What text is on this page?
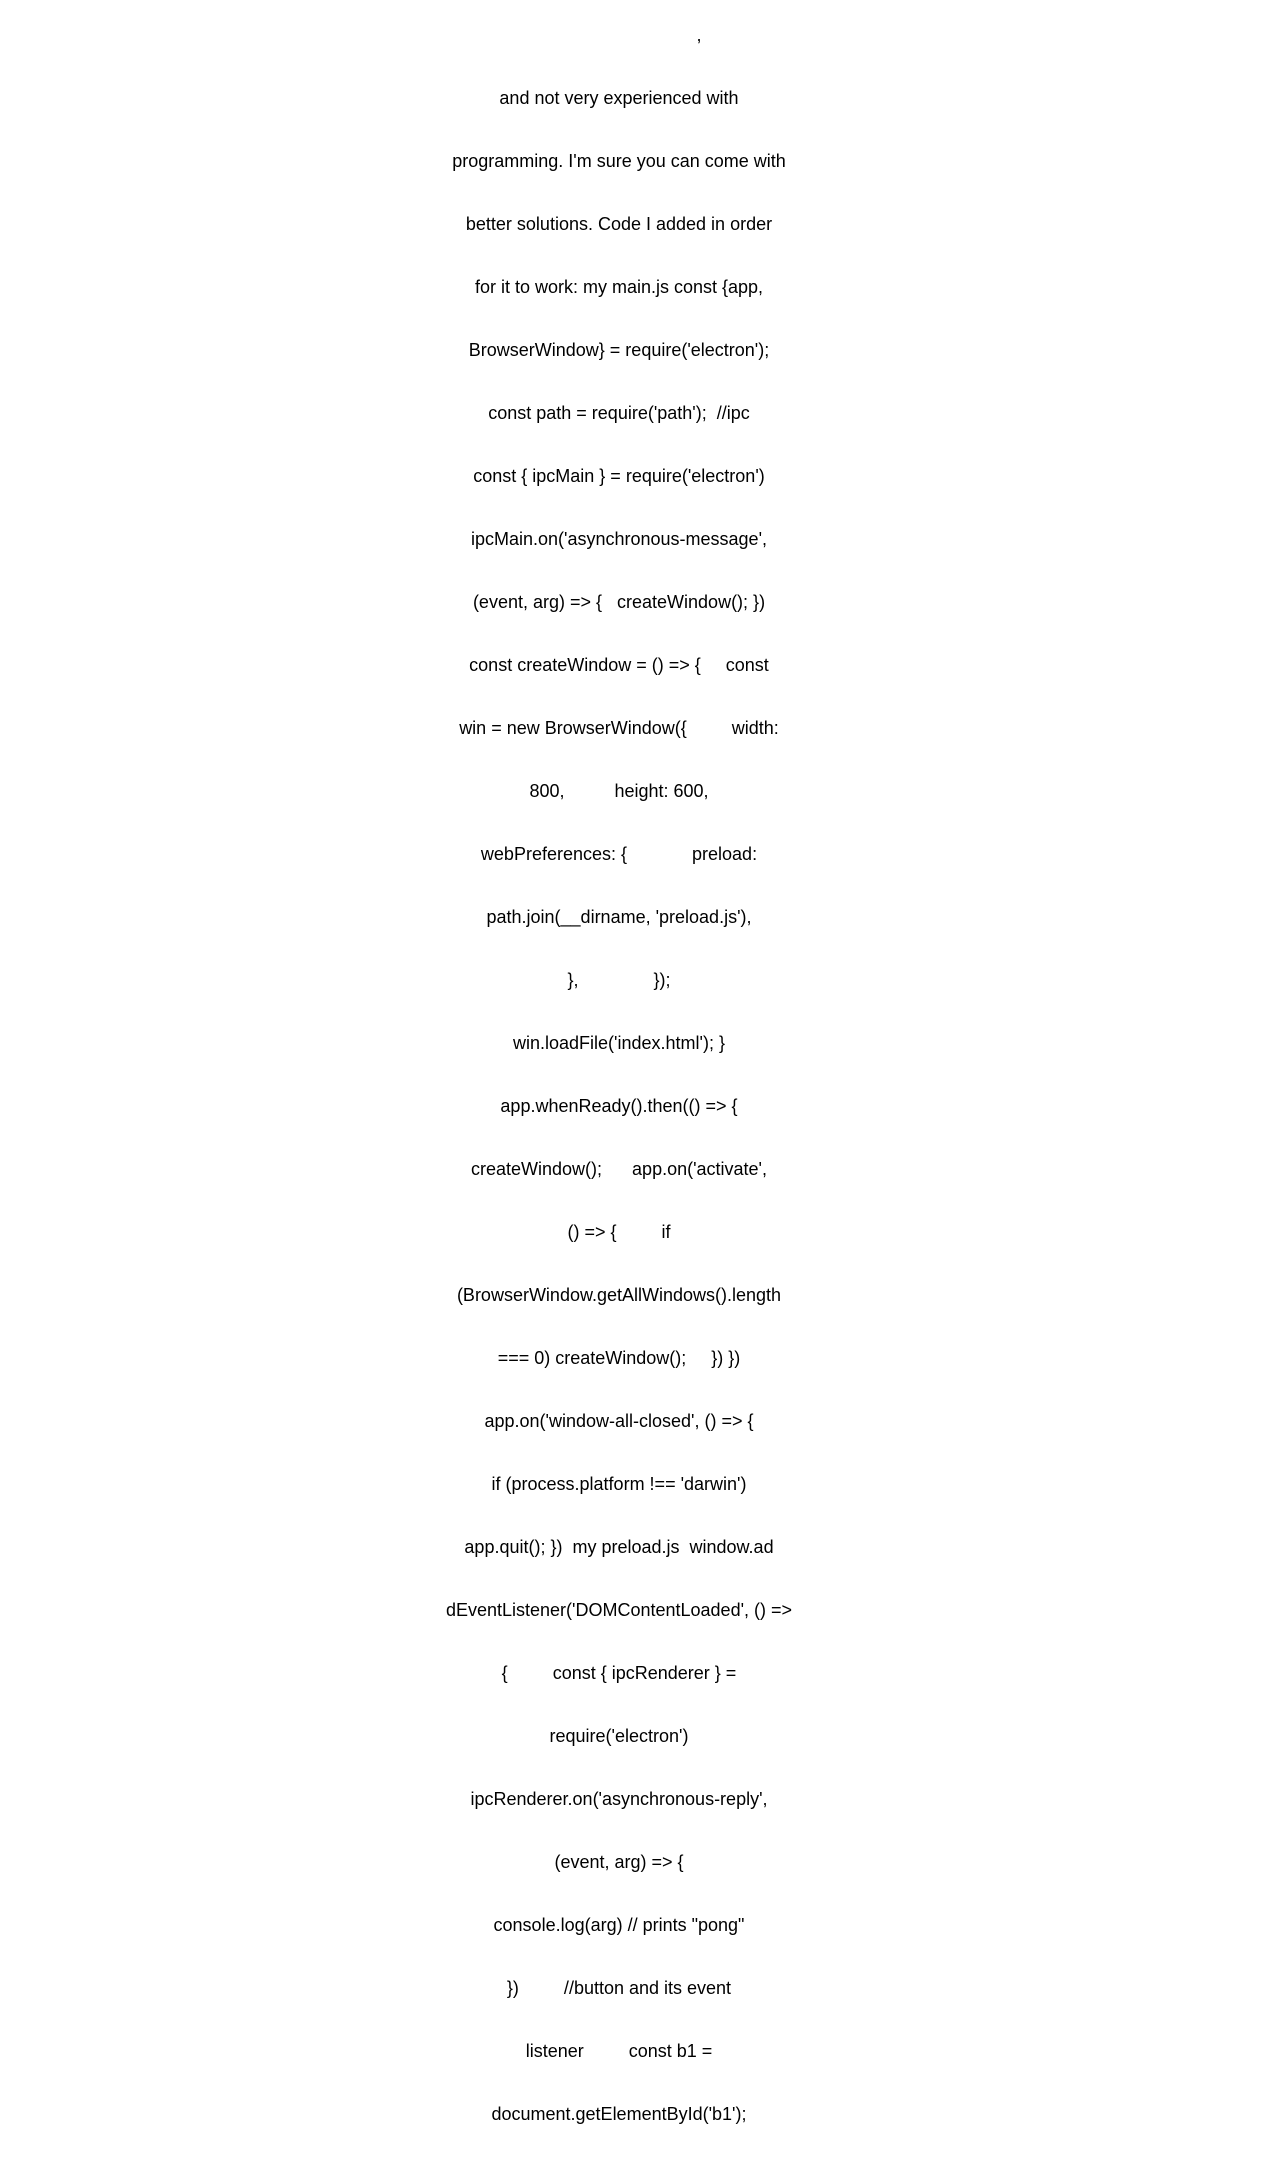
,

and not very experienced with

programming. I'm sure you can come with

better solutions. Code I added in order

for it to work: my main.js const {app,

BrowserWindow} = require('electron');

const path = require('path');  //ipc

const { ipcMain } = require('electron')

ipcMain.on('asynchronous-message',

(event, arg) => {   createWindow(); })

const createWindow = () => {     const

win = new BrowserWindow({         width:

800,          height: 600,

webPreferences: {             preload:

path.join(__dirname, 'preload.js'),

},               });

win.loadFile('index.html'); }

app.whenReady().then(() => {

createWindow();      app.on('activate',

() => {         if

(BrowserWindow.getAllWindows().length

=== 0) createWindow();     }) })

app.on('window-all-closed', () => {

if (process.platform !== 'darwin')

app.quit(); })  my preload.js  window.ad

dEventListener('DOMContentLoaded', () =>

{         const { ipcRenderer } =

require('electron')

ipcRenderer.on('asynchronous-reply',

(event, arg) => {

console.log(arg) // prints "pong"

})         //button and its event

listener         const b1 =

document.getElementById('b1');
